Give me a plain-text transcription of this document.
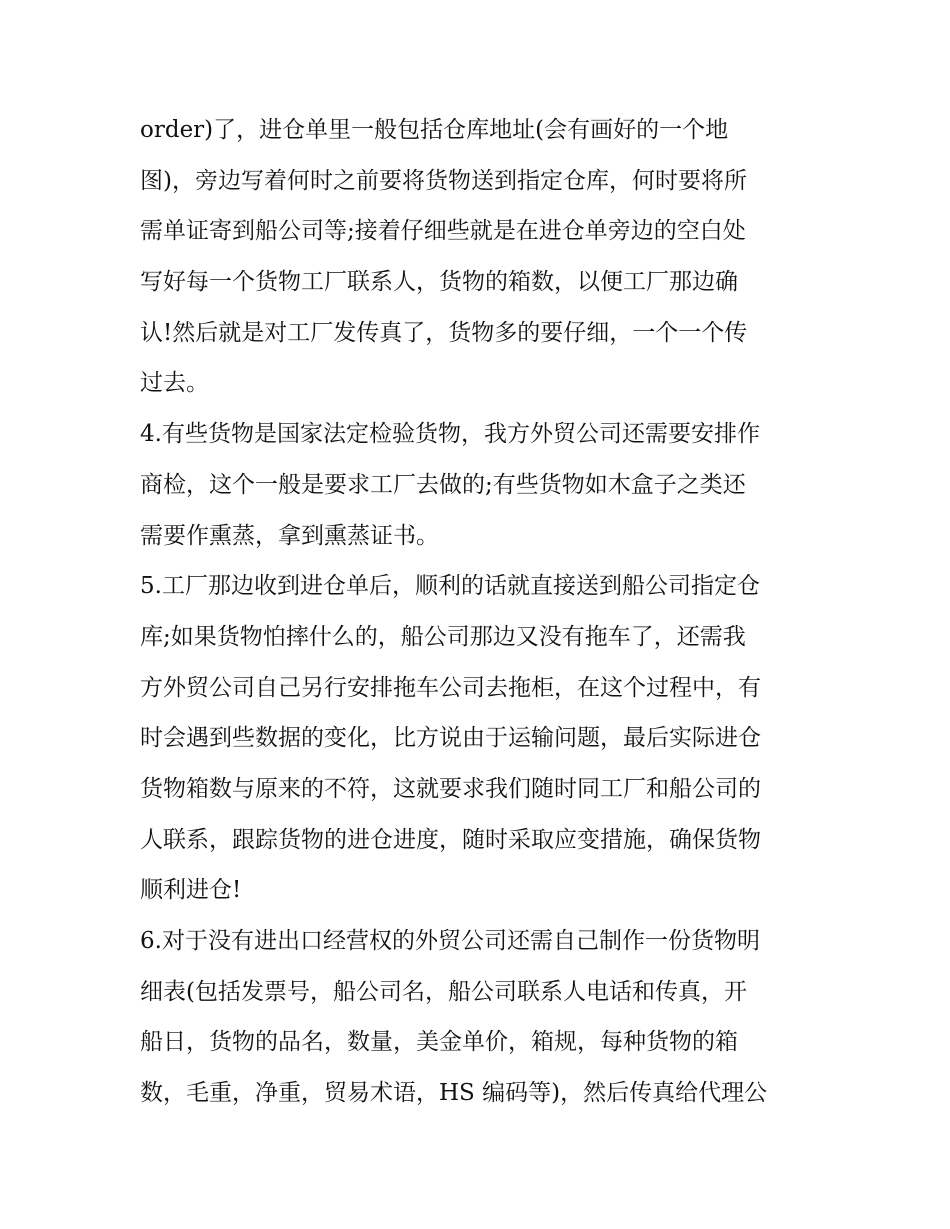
order)了，进仓单里一般包括仓库地址(会有画好的一个地
图)，旁边写着何时之前要将货物送到指定仓库，何时要将所
需单证寄到船公司等;接着仔细些就是在进仓单旁边的空白处
写好每一个货物工厂联系人，货物的箱数，以便工厂那边确
认!然后就是对工厂发传真了，货物多的要仔细，一个一个传
过去。
4.有些货物是国家法定检验货物，我方外贸公司还需要安排作
商检，这个一般是要求工厂去做的;有些货物如木盒子之类还
需要作熏蒸，拿到熏蒸证书。
5.工厂那边收到进仓单后，顺利的话就直接送到船公司指定仓
库;如果货物怕摔什么的，船公司那边又没有拖车了，还需我
方外贸公司自己另行安排拖车公司去拖柜，在这个过程中，有
时会遇到些数据的变化，比方说由于运输问题，最后实际进仓
货物箱数与原来的不符，这就要求我们随时同工厂和船公司的
人联系，跟踪货物的进仓进度，随时采取应变措施，确保货物
顺利进仓!
6.对于没有进出口经营权的外贸公司还需自己制作一份货物明
细表(包括发票号，船公司名，船公司联系人电话和传真，开
船日，货物的品名，数量，美金单价，箱规，每种货物的箱
数，毛重，净重，贸易术语，HS 编码等)，然后传真给代理公
